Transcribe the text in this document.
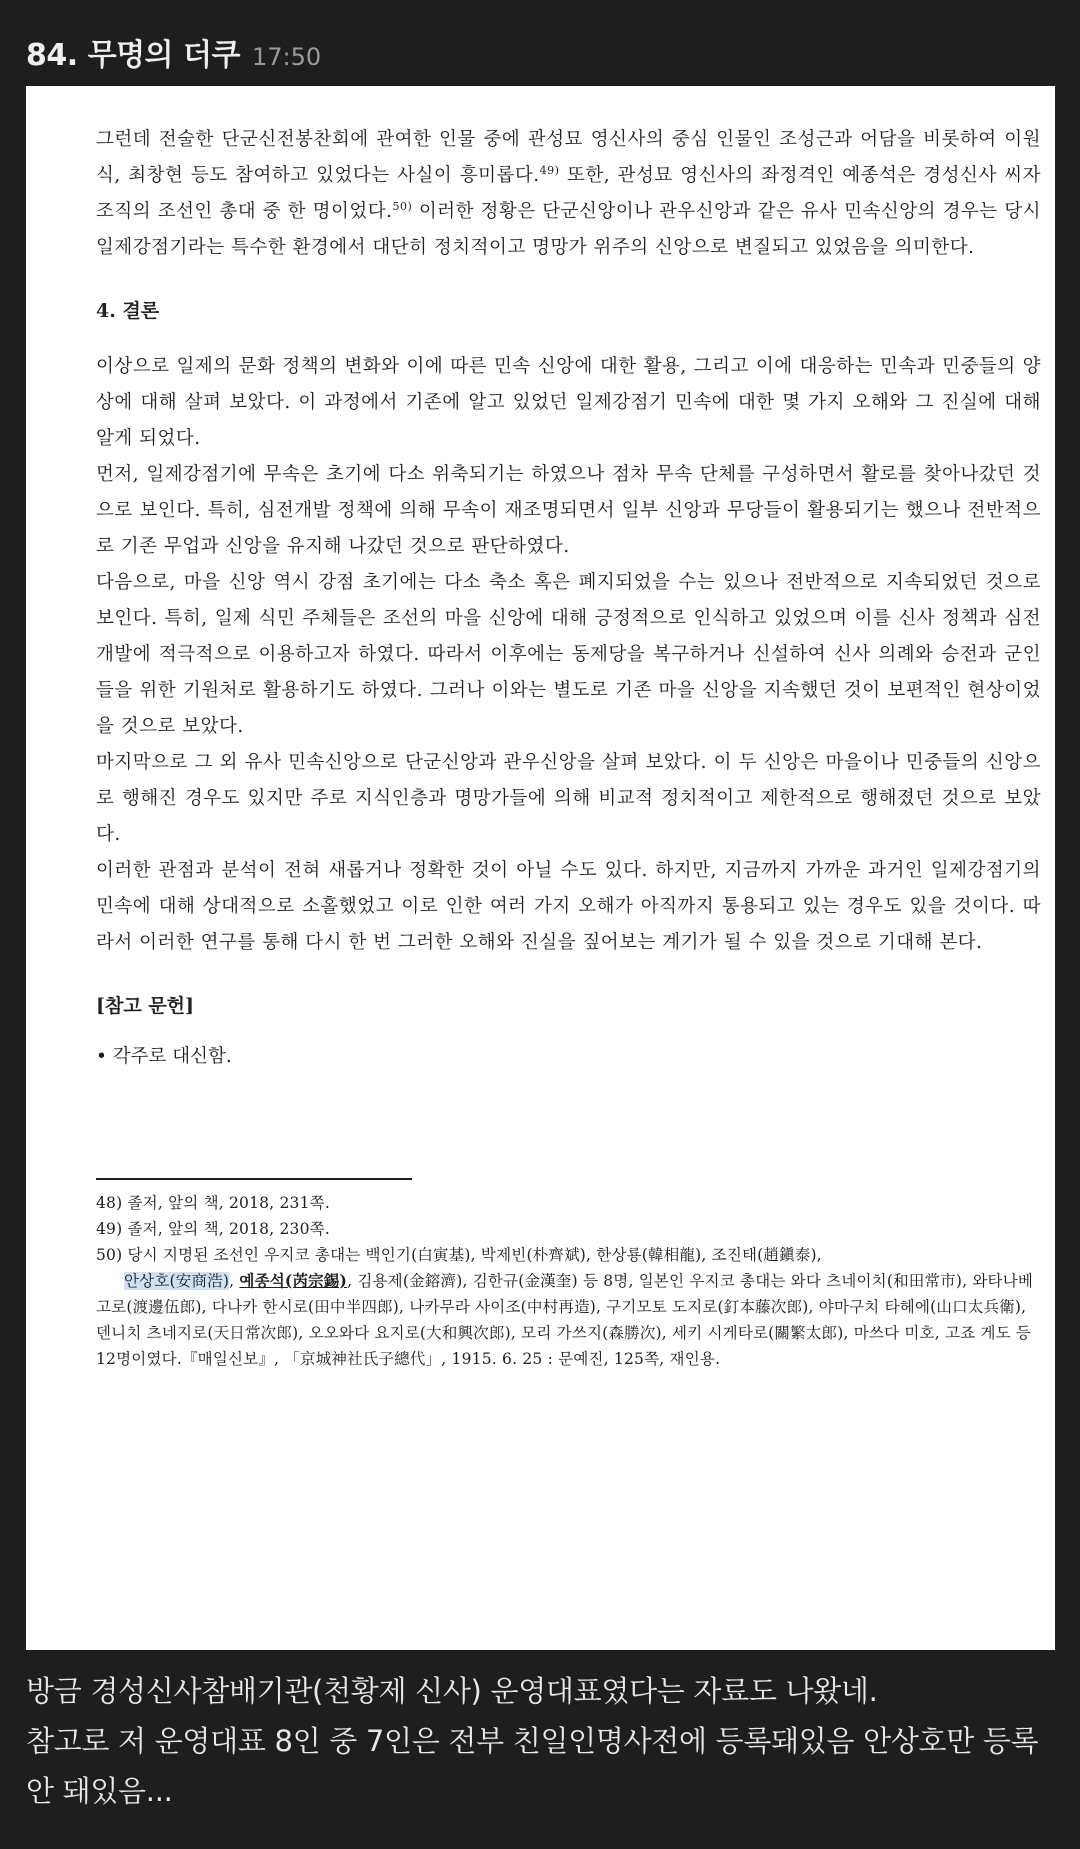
84. 무명의 더쿠 17:50

그런데 전술한 단군신전봉찬회에 관여한 인물 중에 관성묘 영신사의 중심 인물인 조성근과 어담을 비롯하여 이원식, 최창현 등도 참여하고 있었다는 사실이 흥미롭다.$^{49)}$ 또한, 관성묘 영신사의 좌정격인 예종석은 경성신사 씨자 조직의 조선인 총대 중 한 명이었다.$^{50)}$ 이러한 정황은 단군신앙이나 관우신앙과 같은 유사 민속신앙의 경우는 당시 일제강점기라는 특수한 환경에서 대단히 정치적이고 명망가 위주의 신앙으로 변질되고 있었음을 의미한다.

4. 결론

이상으로 일제의 문화 정책의 변화와 이에 따른 민속 신앙에 대한 활용, 그리고 이에 대응하는 민속과 민중들의 양상에 대해 살펴 보았다. 이 과정에서 기존에 알고 있었던 일제강점기 민속에 대한 몇 가지 오해와 그 진실에 대해 알게 되었다.

먼저, 일제강점기에 무속은 초기에 다소 위축되기는 하였으나 점차 무속 단체를 구성하면서 활로를 찾아나갔던 것으로 보인다. 특히, 심전개발 정책에 의해 무속이 재조명되면서 일부 신앙과 무당들이 활용되기는 했으나 전반적으로 기존 무업과 신앙을 유지해 나갔던 것으로 판단하였다.

다음으로, 마을 신앙 역시 강점 초기에는 다소 축소 혹은 폐지되었을 수는 있으나 전반적으로 지속되었던 것으로 보인다. 특히, 일제 식민 주체들은 조선의 마을 신앙에 대해 긍정적으로 인식하고 있었으며 이를 신사 정책과 심전개발에 적극적으로 이용하고자 하였다. 따라서 이후에는 동제당을 복구하거나 신설하여 신사 의례와 승전과 군인들을 위한 기원처로 활용하기도 하였다. 그러나 이와는 별도로 기존 마을 신앙을 지속했던 것이 보편적인 현상이었을 것으로 보았다.

마지막으로 그 외 유사 민속신앙으로 단군신앙과 관우신앙을 살펴 보았다. 이 두 신앙은 마을이나 민중들의 신앙으로 행해진 경우도 있지만 주로 지식인층과 명망가들에 의해 비교적 정치적이고 제한적으로 행해졌던 것으로 보았다.

이러한 관점과 분석이 전혀 새롭거나 정확한 것이 아닐 수도 있다. 하지만, 지금까지 가까운 과거인 일제강점기의 민속에 대해 상대적으로 소홀했었고 이로 인한 여러 가지 오해가 아직까지 통용되고 있는 경우도 있을 것이다. 따라서 이러한 연구를 통해 다시 한 번 그러한 오해와 진실을 짚어보는 계기가 될 수 있을 것으로 기대해 본다.

[참고 문헌]

• 각주로 대신함.

48) 졸저, 앞의 책, 2018, 231쪽.

49) 졸저, 앞의 책, 2018, 230쪽.

50) 당시 지명된 조선인 우지코 총대는 백인기(白寅基), 박제빈(朴齊斌), 한상룡(韓相龍), 조진태(趙鎭泰),
안상호(安商浩), 예종석(芮宗錫), 김용제(金鎔濟), 김한규(金漢奎) 등 8명, 일본인 우지코 총대는 와다 츠네이치(和田常市), 와타나베고로(渡邊伍郎), 다나카 한시로(田中半四郎), 나카무라 사이조(中村再造), 구기모토 도지로(釘本藤次郎), 야마구치 타헤에(山口太兵衛), 덴니치 츠네지로(天日常次郎), 오오와다 요지로(大和興次郎), 모리 가쓰지(森勝次), 세키 시게타로(關繁太郎), 마쓰다 미호, 고죠 게도 등 12명이였다.『매일신보』, 「京城神社氏子總代」, 1915. 6. 25 : 문예진, 125쪽, 재인용.

방금 경성신사참배기관(천황제 신사) 운영대표였다는 자료도 나왔네.

참고로 저 운영대표 8인 중 7인은 전부 친일인명사전에 등록돼있음 안상호만 등록 안 돼있음...
